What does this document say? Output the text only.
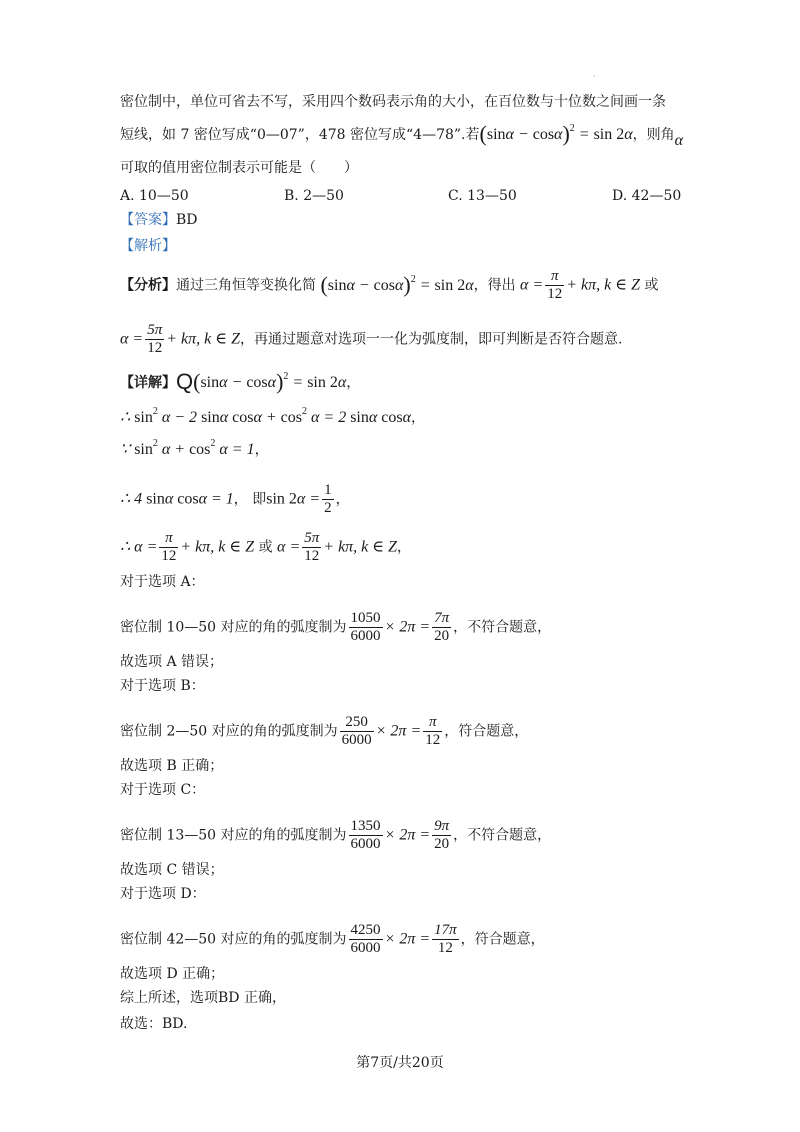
·
密位制中，单位可省去不写，采用四个数码表示角的大小，在百位数与十位数之间画一条
短线，如 7 密位写成“0—07”，478 密位写成“4—78”.若$(\sin\alpha - \cos\alpha)^2 = \sin 2\alpha$，则角α
可取的值用密位制表示可能是（　　）
A. 10—50	B. 2—50	C. 13—50	D. 42—50
【答案】BD
【解析】
【分析】通过三角恒等变换化简 $(\sin\alpha - \cos\alpha)^2 = \sin 2\alpha$，得出 $\alpha = \frac{\pi}{12} + k\pi$, k ∈ Z 或
$\alpha = \frac{5\pi}{12} + k\pi$, k ∈ Z，再通过题意对选项一一化为弧度制，即可判断是否符合题意.
【详解】$Q(\sin\alpha - \cos\alpha)^2 = \sin 2\alpha$，
∴ $\sin^2 \alpha - 2$ sinα $\cos\alpha + \cos^2 \alpha = 2$ sinα cosα，
∵ $\sin^2 \alpha + \cos^2 \alpha = 1$，
∴ 4 sinα cosα = 1， 即$\sin 2\alpha = \frac{1}{2}$ ，
∴ $\alpha = \frac{\pi}{12} + k\pi$, k ∈ Z 或 $\alpha = \frac{5\pi}{12} + k\pi$, k ∈ Z，
对于选项 A：
密位制 10—50 对应的角的弧度制为 $\frac{1050}{6000} \times 2\pi = \frac{7\pi}{20}$ ，不符合题意，
故选项 A 错误；
对于选项 B：
密位制 2—50 对应的角的弧度制为 $\frac{250}{6000} \times 2\pi = \frac{\pi}{12}$ ，符合题意，
故选项 B 正确；
对于选项 C：
密位制 13—50 对应的角的弧度制为 $\frac{1350}{6000} \times 2\pi = \frac{9\pi}{20}$ ，不符合题意，
故选项 C 错误；
对于选项 D：
密位制 42—50 对应的角的弧度制为 $\frac{4250}{6000} \times 2\pi = \frac{17\pi}{12}$ ，符合题意，
故选项 D 正确；
综上所述，选项BD 正确，
故选：BD.
第7页/共20页
